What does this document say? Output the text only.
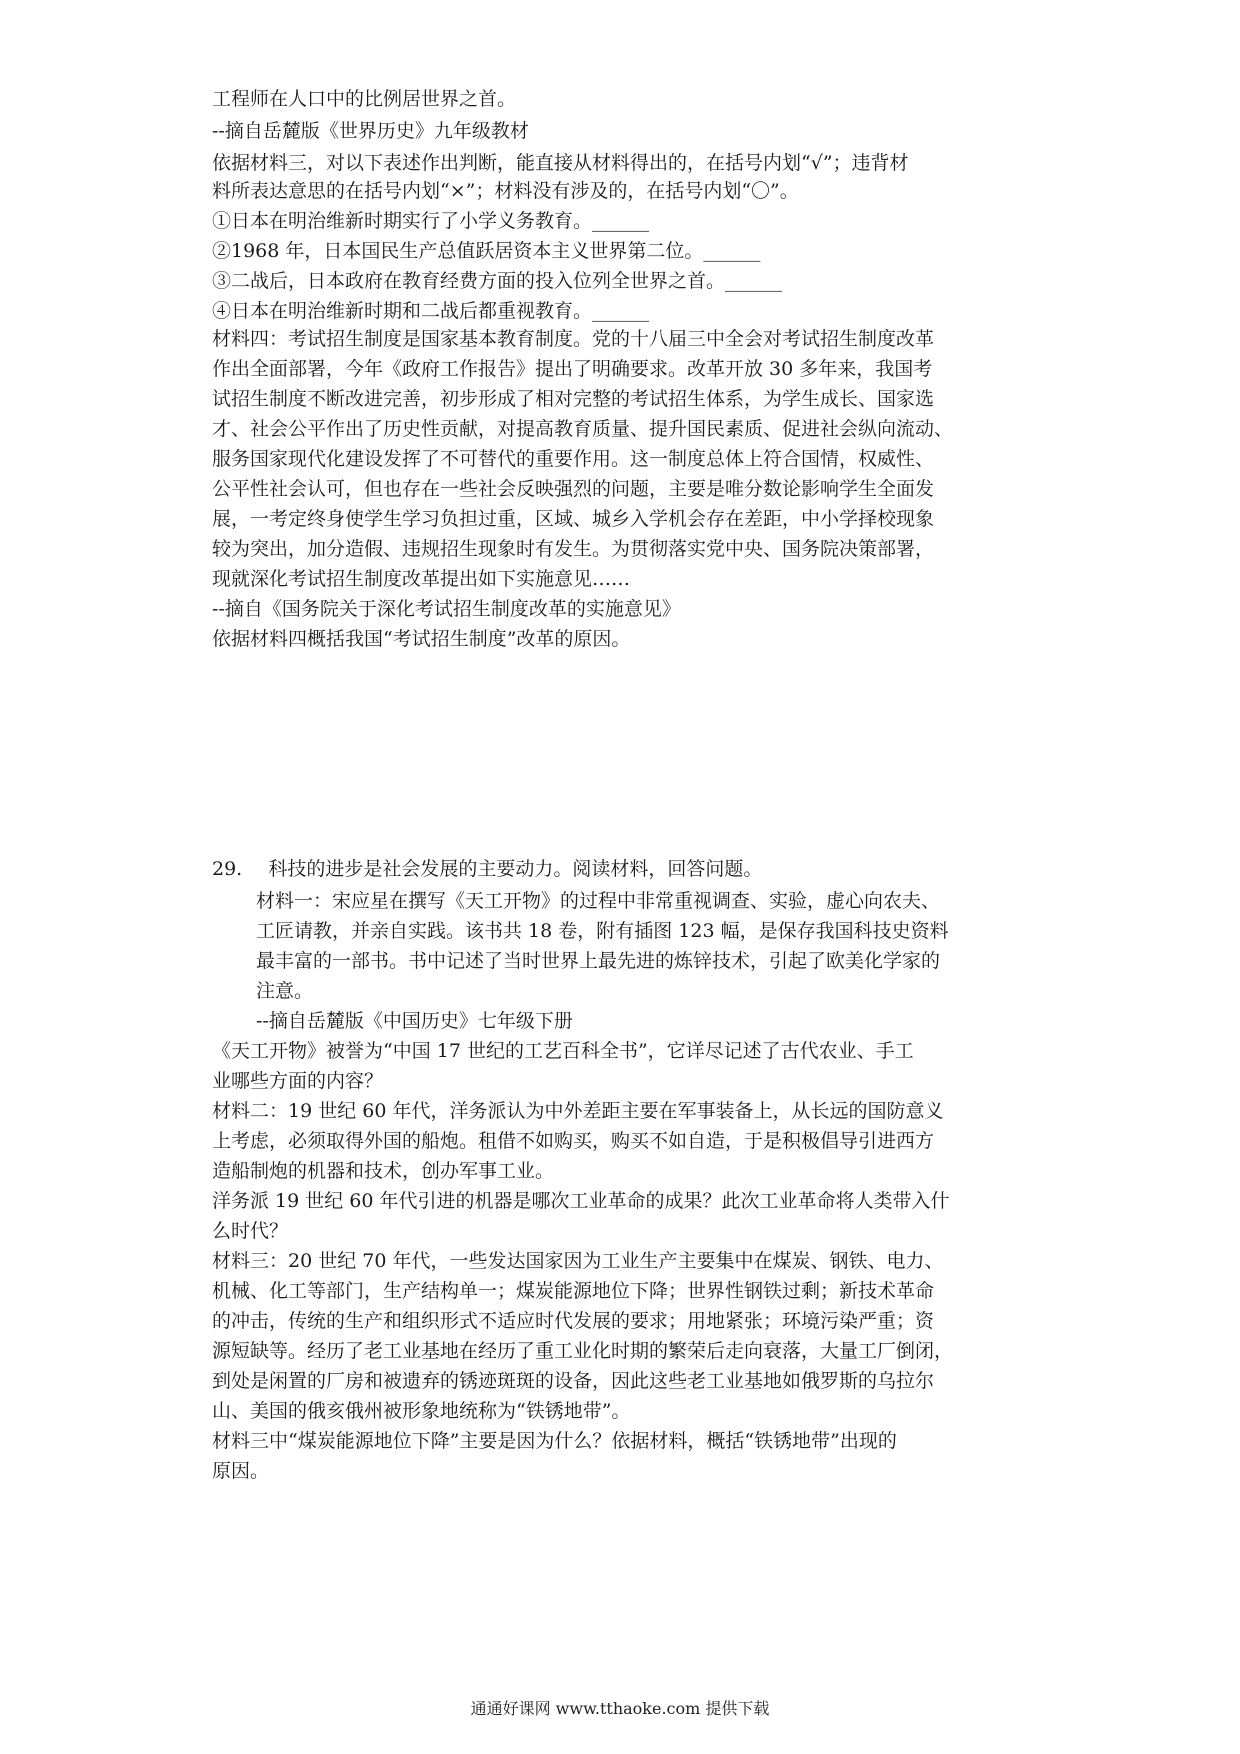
工程师在人口中的比例居世界之首。
--摘自岳麓版《世界历史》九年级教材
依据材料三，对以下表述作出判断，能直接从材料得出的，在括号内划“√”；违背材
料所表达意思的在括号内划“×”；材料没有涉及的，在括号内划“〇”。
①日本在明治维新时期实行了小学义务教育。______
②1968 年，日本国民生产总值跃居资本主义世界第二位。______
③二战后，日本政府在教育经费方面的投入位列全世界之首。______
④日本在明治维新时期和二战后都重视教育。______
材料四：考试招生制度是国家基本教育制度。党的十八届三中全会对考试招生制度改革
作出全面部署，今年《政府工作报告》提出了明确要求。改革开放 30 多年来，我国考
试招生制度不断改进完善，初步形成了相对完整的考试招生体系，为学生成长、国家选
才、社会公平作出了历史性贡献，对提高教育质量、提升国民素质、促进社会纵向流动、
服务国家现代化建设发挥了不可替代的重要作用。这一制度总体上符合国情，权威性、
公平性社会认可，但也存在一些社会反映强烈的问题，主要是唯分数论影响学生全面发
展，一考定终身使学生学习负担过重，区域、城乡入学机会存在差距，中小学择校现象
较为突出，加分造假、违规招生现象时有发生。为贯彻落实党中央、国务院决策部署，
现就深化考试招生制度改革提出如下实施意见……
--摘自《国务院关于深化考试招生制度改革的实施意见》
依据材料四概括我国“考试招生制度”改革的原因。
29. 科技的进步是社会发展的主要动力。阅读材料，回答问题。
材料一：宋应星在撰写《天工开物》的过程中非常重视调查、实验，虚心向农夫、
工匠请教，并亲自实践。该书共 18 卷，附有插图 123 幅，是保存我国科技史资料
最丰富的一部书。书中记述了当时世界上最先进的炼锌技术，引起了欧美化学家的
注意。
--摘自岳麓版《中国历史》七年级下册
《天工开物》被誉为“中国 17 世纪的工艺百科全书”，它详尽记述了古代农业、手工
业哪些方面的内容？
材料二：19 世纪 60 年代，洋务派认为中外差距主要在军事装备上，从长远的国防意义
上考虑，必须取得外国的船炮。租借不如购买，购买不如自造，于是积极倡导引进西方
造船制炮的机器和技术，创办军事工业。
洋务派 19 世纪 60 年代引进的机器是哪次工业革命的成果？此次工业革命将人类带入什
么时代？
材料三：20 世纪 70 年代，一些发达国家因为工业生产主要集中在煤炭、钢铁、电力、
机械、化工等部门，生产结构单一；煤炭能源地位下降；世界性钢铁过剩；新技术革命
的冲击，传统的生产和组织形式不适应时代发展的要求；用地紧张；环境污染严重；资
源短缺等。经历了老工业基地在经历了重工业化时期的繁荣后走向衰落，大量工厂倒闭，
到处是闲置的厂房和被遗弃的锈迹斑斑的设备，因此这些老工业基地如俄罗斯的乌拉尔
山、美国的俄亥俄州被形象地统称为“铁锈地带”。
材料三中“煤炭能源地位下降”主要是因为什么？依据材料，概括“铁锈地带”出现的
原因。
通通好课网 www.tthaoke.com 提供下载
